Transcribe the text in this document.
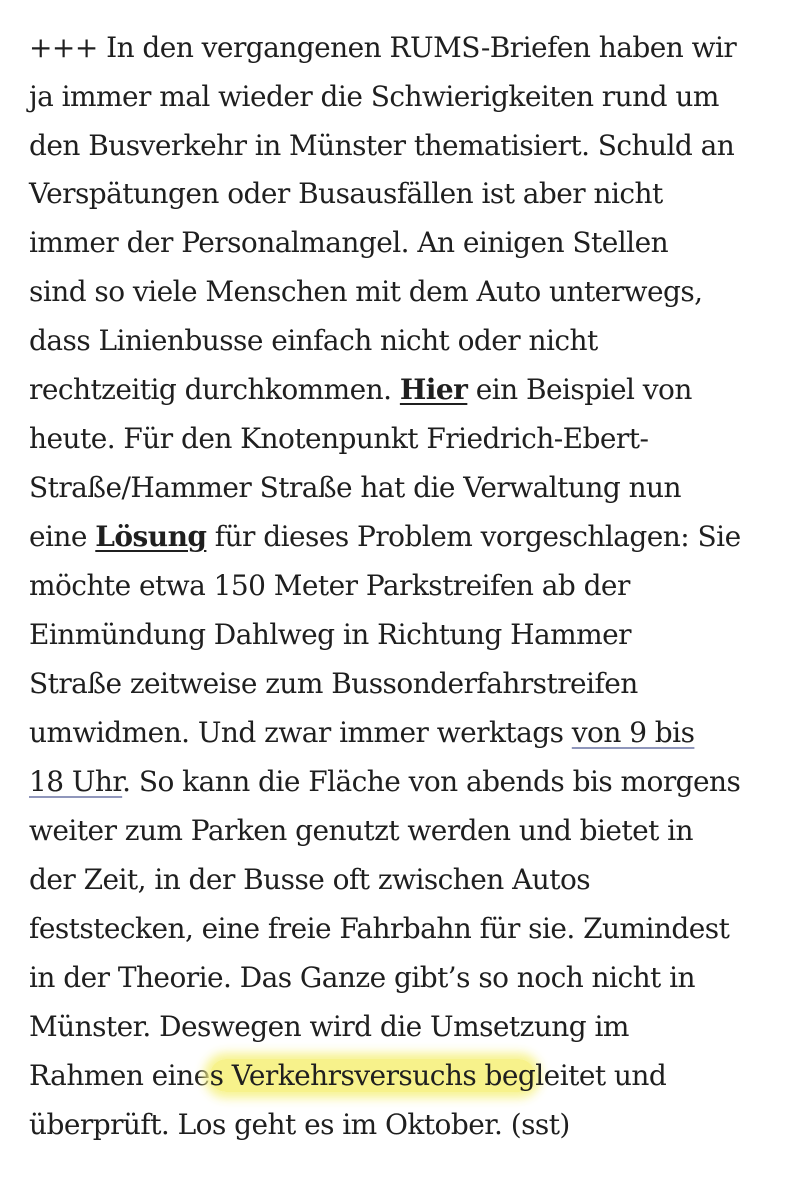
+++ In den vergangenen RUMS-Briefen haben wir
ja immer mal wieder die Schwierigkeiten rund um
den Busverkehr in Münster thematisiert. Schuld an
Verspätungen oder Busausfällen ist aber nicht
immer der Personalmangel. An einigen Stellen
sind so viele Menschen mit dem Auto unterwegs,
dass Linienbusse einfach nicht oder nicht
rechtzeitig durchkommen. Hier ein Beispiel von
heute. Für den Knotenpunkt Friedrich-Ebert-
Straße/Hammer Straße hat die Verwaltung nun
eine Lösung für dieses Problem vorgeschlagen: Sie
möchte etwa 150 Meter Parkstreifen ab der
Einmündung Dahlweg in Richtung Hammer
Straße zeitweise zum Bussonderfahrstreifen
umwidmen. Und zwar immer werktags von 9 bis
18 Uhr. So kann die Fläche von abends bis morgens
weiter zum Parken genutzt werden und bietet in
der Zeit, in der Busse oft zwischen Autos
feststecken, eine freie Fahrbahn für sie. Zumindest
in der Theorie. Das Ganze gibt’s so noch nicht in
Münster. Deswegen wird die Umsetzung im
Rahmen eines Verkehrsversuchs begleitet und
überprüft. Los geht es im Oktober. (sst)
